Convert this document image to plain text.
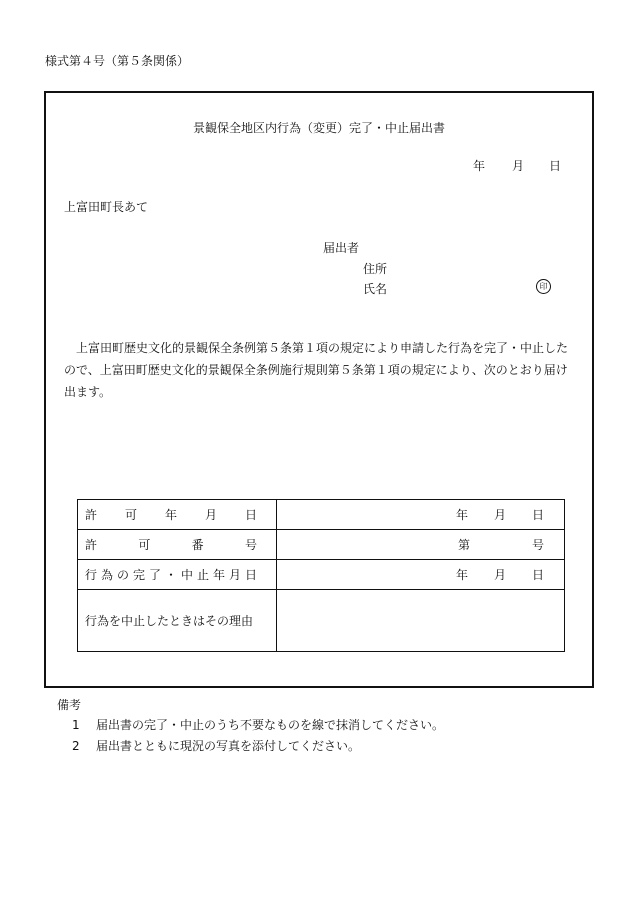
様式第４号（第５条関係）
景観保全地区内行為（変更）完了・中止届出書
年 月 日
上富田町長あて
届出者
住所
氏名	印
上富田町歴史文化的景観保全条例第５条第１項の規定により申請した行為を完了・中止したので、上富田町歴史文化的景観保全条例施行規則第５条第１項の規定により、次のとおり届け出ます。
許可年月日	年 月 日

許可番号	第 号

行為の完了・中止年月日	年 月 日

行為を中止したときはその理由	
備考
1 届出書の完了・中止のうち不要なものを線で抹消してください。
2 届出書とともに現況の写真を添付してください。
